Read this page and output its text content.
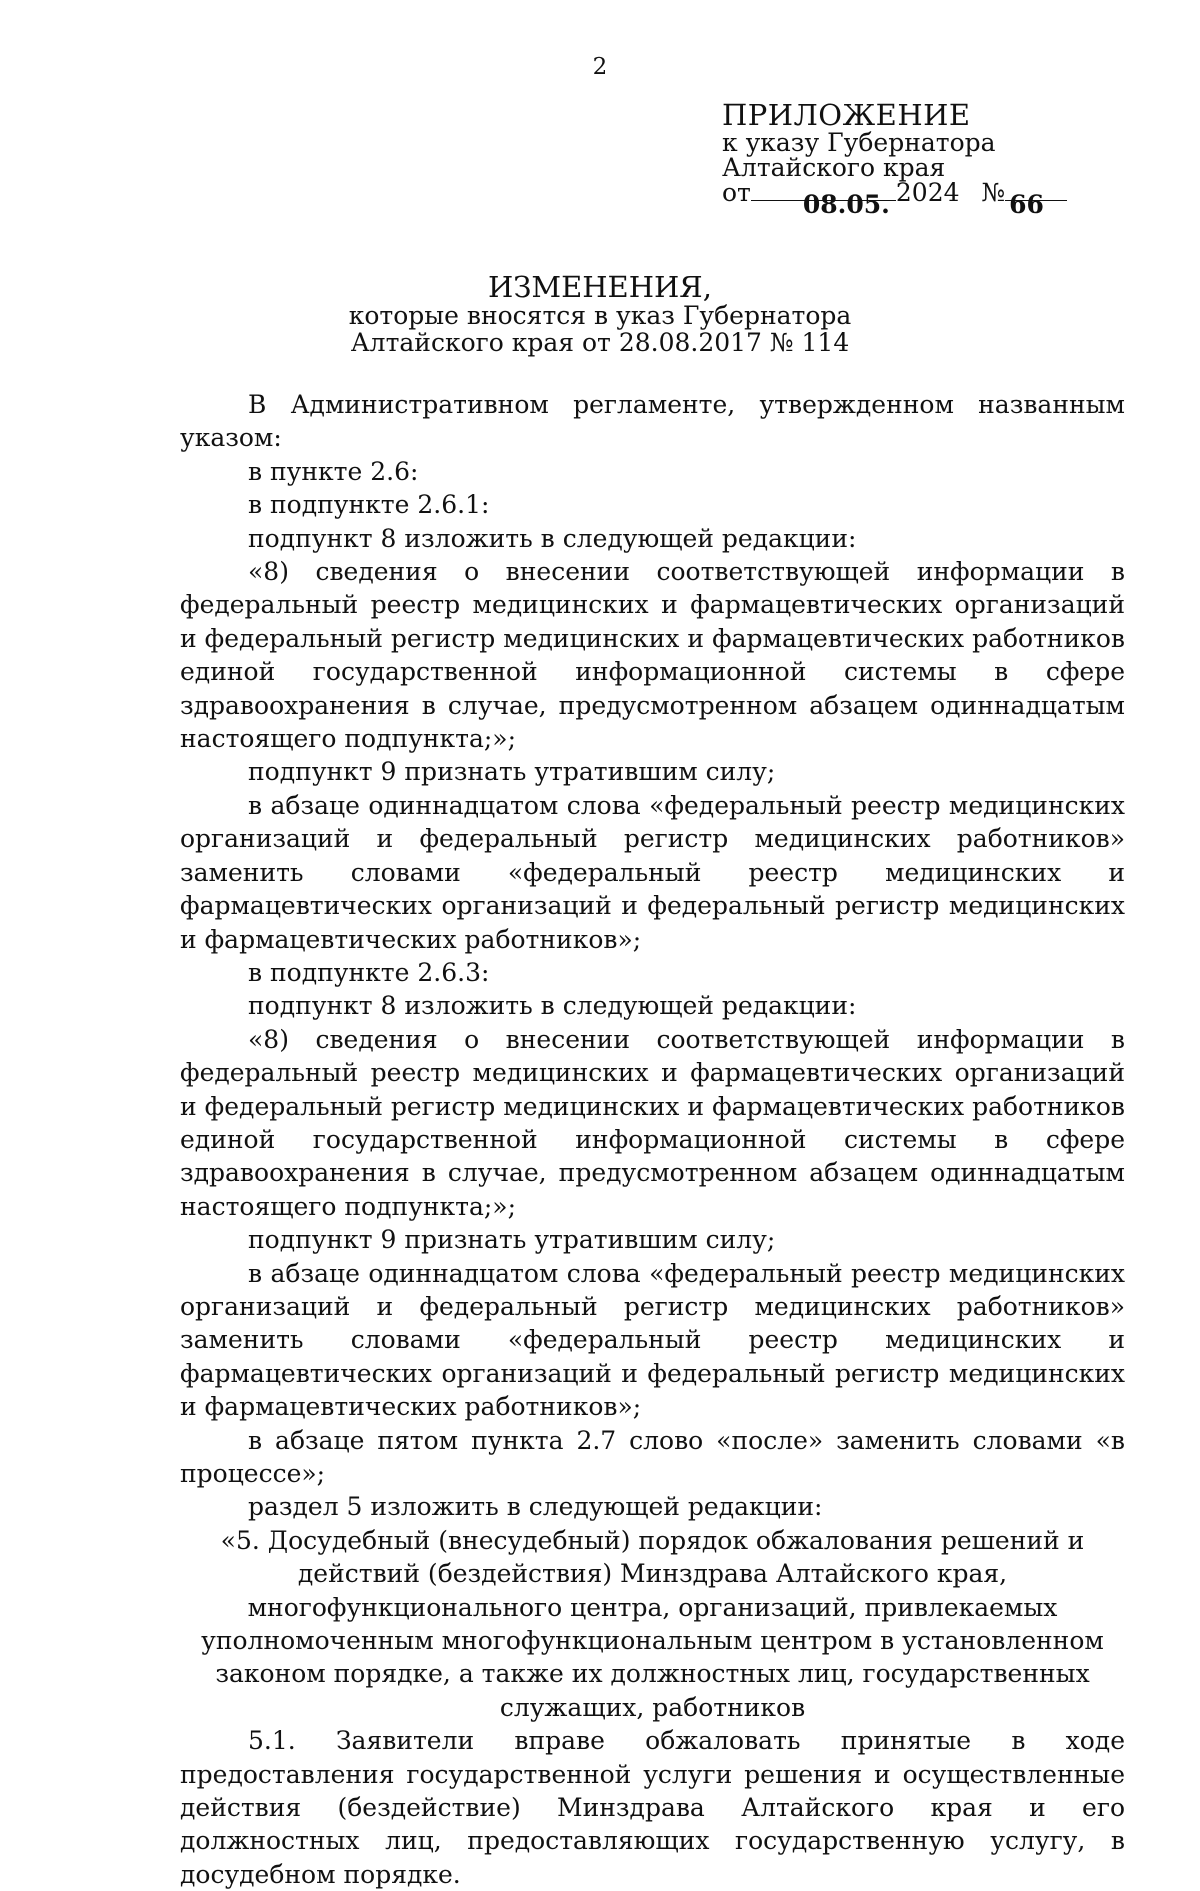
2
ПРИЛОЖЕНИЕ
к указу Губернатора
Алтайского края
от 08.05. 2024 № 66
ИЗМЕНЕНИЯ,
которые вносятся в указ Губернатора
Алтайского края от 28.08.2017 № 114

В Административном регламенте, утвержденном названным указом:

в пункте 2.6:

в подпункте 2.6.1:

подпункт 8 изложить в следующей редакции:

«8) сведения о внесении соответствующей информации в федеральный реестр медицинских и фармацевтических организаций и федеральный регистр медицинских и фармацевтических работников единой государственной информационной системы в сфере здравоохранения в случае, предусмотренном абзацем одиннадцатым настоящего подпункта;»;

подпункт 9 признать утратившим силу;

в абзаце одиннадцатом слова «федеральный реестр медицинских организаций и федеральный регистр медицинских работников» заменить словами «федеральный реестр медицинских и фармацевтических организаций и федеральный регистр медицинских и фармацевтических работников»;

в подпункте 2.6.3:

подпункт 8 изложить в следующей редакции:

«8) сведения о внесении соответствующей информации в федеральный реестр медицинских и фармацевтических организаций и федеральный регистр медицинских и фармацевтических работников единой государственной информационной системы в сфере здравоохранения в случае, предусмотренном абзацем одиннадцатым настоящего подпункта;»;

подпункт 9 признать утратившим силу;

в абзаце одиннадцатом слова «федеральный реестр медицинских организаций и федеральный регистр медицинских работников» заменить словами «федеральный реестр медицинских и фармацевтических организаций и федеральный регистр медицинских и фармацевтических работников»;

в абзаце пятом пункта 2.7 слово «после» заменить словами «в процессе»;

раздел 5 изложить в следующей редакции:

«5. Досудебный (внесудебный) порядок обжалования решений и действий (бездействия) Минздрава Алтайского края, многофункционального центра, организаций, привлекаемых уполномоченным многофункциональным центром в установленном законом порядке, а также их должностных лиц, государственных служащих, работников

5.1. Заявители вправе обжаловать принятые в ходе предоставления государственной услуги решения и осуществленные действия (бездействие) Минздрава Алтайского края и его должностных лиц, предоставляющих государственную услугу, в досудебном порядке.
